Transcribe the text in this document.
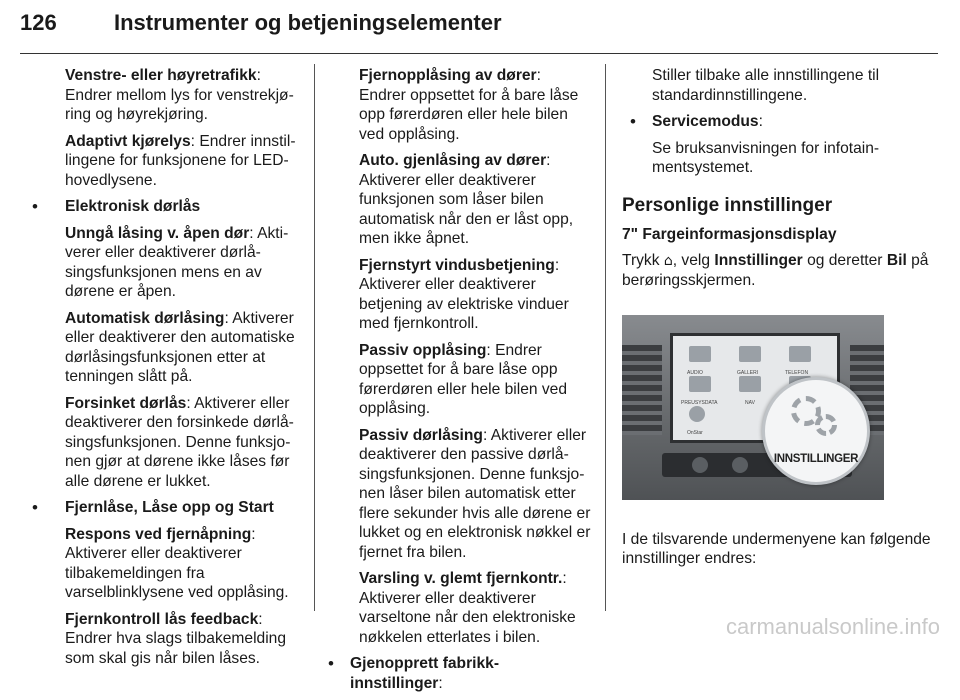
126	Instrumenter og betjeningselementer
Venstre- eller høyretrafikk: Endrer mellom lys for venstrekjøring og høyrekjøring.
Adaptivt kjørelys: Endrer innstillingene for funksjonene for LED-hovedlysene.
• Elektronisk dørlås
Unngå låsing v. åpen dør: Aktiverer eller deaktiverer dørlåsingsfunksjonen mens en av dørene er åpen.
Automatisk dørlåsing: Aktiverer eller deaktiverer den automatiske dørlåsingsfunksjonen etter at tenningen slått på.
Forsinket dørlås: Aktiverer eller deaktiverer den forsinkede dørlåsingsfunksjonen. Denne funksjonen gjør at dørene ikke låses før alle dørene er lukket.
• Fjernlåse, Låse opp og Start
Respons ved fjernåpning: Aktiverer eller deaktiverer tilbakemeldingen fra varselblinklysene ved opplåsing.
Fjernkontroll lås feedback: Endrer hva slags tilbakemelding som skal gis når bilen låses.
Fjernopplåsing av dører: Endrer oppsettet for å bare låse opp førerdøren eller hele bilen ved opplåsing.
Auto. gjenlåsing av dører: Aktiverer eller deaktiverer funksjonen som låser bilen automatisk når den er låst opp, men ikke åpnet.
Fjernstyrt vindusbetjening: Aktiverer eller deaktiverer betjening av elektriske vinduer med fjernkontroll.
Passiv opplåsing: Endrer oppsettet for å bare låse opp førerdøren eller hele bilen ved opplåsing.
Passiv dørlåsing: Aktiverer eller deaktiverer den passive dørlåsingsfunksjonen. Denne funksjonen låser bilen automatisk etter flere sekunder hvis alle dørene er lukket og en elektronisk nøkkel er fjernet fra bilen.
Varsling v. glemt fjernkontr.: Aktiverer eller deaktiverer varseltone når den elektroniske nøkkelen etterlates i bilen.
• Gjenopprett fabrikk-innstillinger:
Stiller tilbake alle innstillingene til standardinnstillingene.
• Servicemodus:
Se bruksanvisningen for infotainmentsystemet.
Personlige innstillinger
7" Fargeinformasjonsdisplay
Trykk ⌂, velg Innstillinger og deretter Bil på berøringsskjermen.
AUDIO	GALLERI	TELEFON
PREUSYSDATA	NAV
OnStar
INNSTILLINGER
I de tilsvarende undermenyene kan følgende innstillinger endres:
carmanualsonline.info
